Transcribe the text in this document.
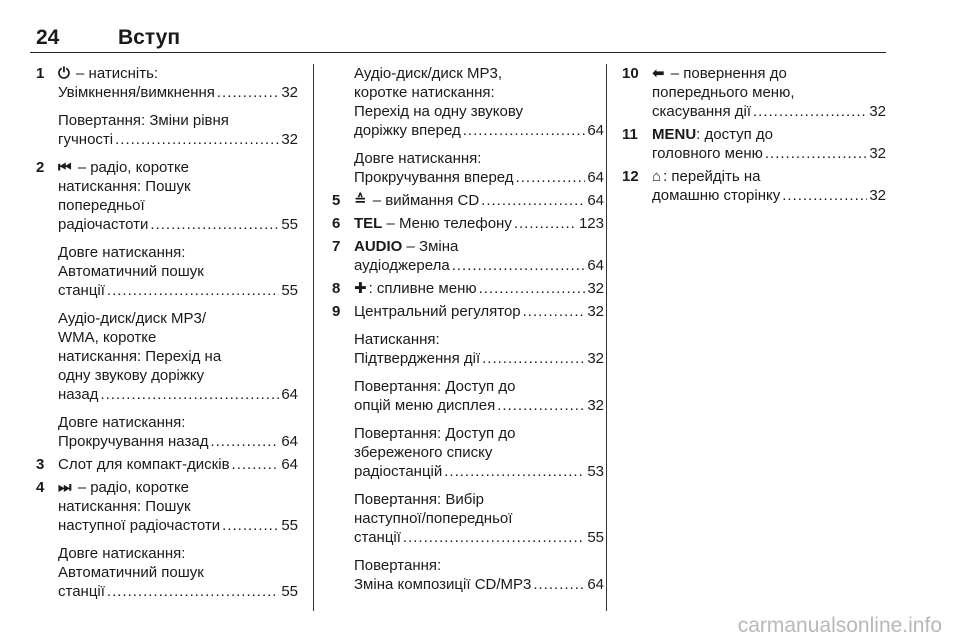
24	Вступ
1 ⏻ – натисніть:
Увімкнення/вимкнення .....	32
Повертання: Зміни рівня
гучності .....	32
2 ⏮ – радіо, коротке
натискання: Пошук
попередньої
радіочастоти .....	55
Довге натискання:
Автоматичний пошук
станції .....	55
Аудіо-диск/диск MP3/
WMA, коротке
натискання: Перехід на
одну звукову доріжку
назад .....	64
Довге натискання:
Прокручування назад .....	64
3 Слот для компакт-дисків .....	64
4 ⏭ – радіо, коротке
натискання: Пошук
наступної радіочастоти .....	55
Довге натискання:
Автоматичний пошук
станції .....	55
Аудіо-диск/диск MP3,
коротке натискання:
Перехід на одну звукову
доріжку вперед .....	64
Довге натискання:
Прокручування вперед .....	64
5 ≙ – виймання CD .....	64
6 TEL – Меню телефону .....	123
7 AUDIO – Зміна
аудіоджерела .....	64
8 ✚ : спливне меню .....	32
9 Центральний регулятор .....	32
Натискання:
Підтвердження дії .....	32
Повертання: Доступ до
опцій меню дисплея .....	32
Повертання: Доступ до
збереженого списку
радіостанцій .....	53
Повертання: Вибір
наступної/попередньої
станції .....	55
Повертання:
Зміна композиції CD/MP3 .....	64
10 ⬅ – повернення до
попереднього меню,
скасування дії .....	32
11 MENU: доступ до
головного меню .....	32
12 ⌂ : перейдіть на
домашню сторінку .....	32
carmanualsonline.info
